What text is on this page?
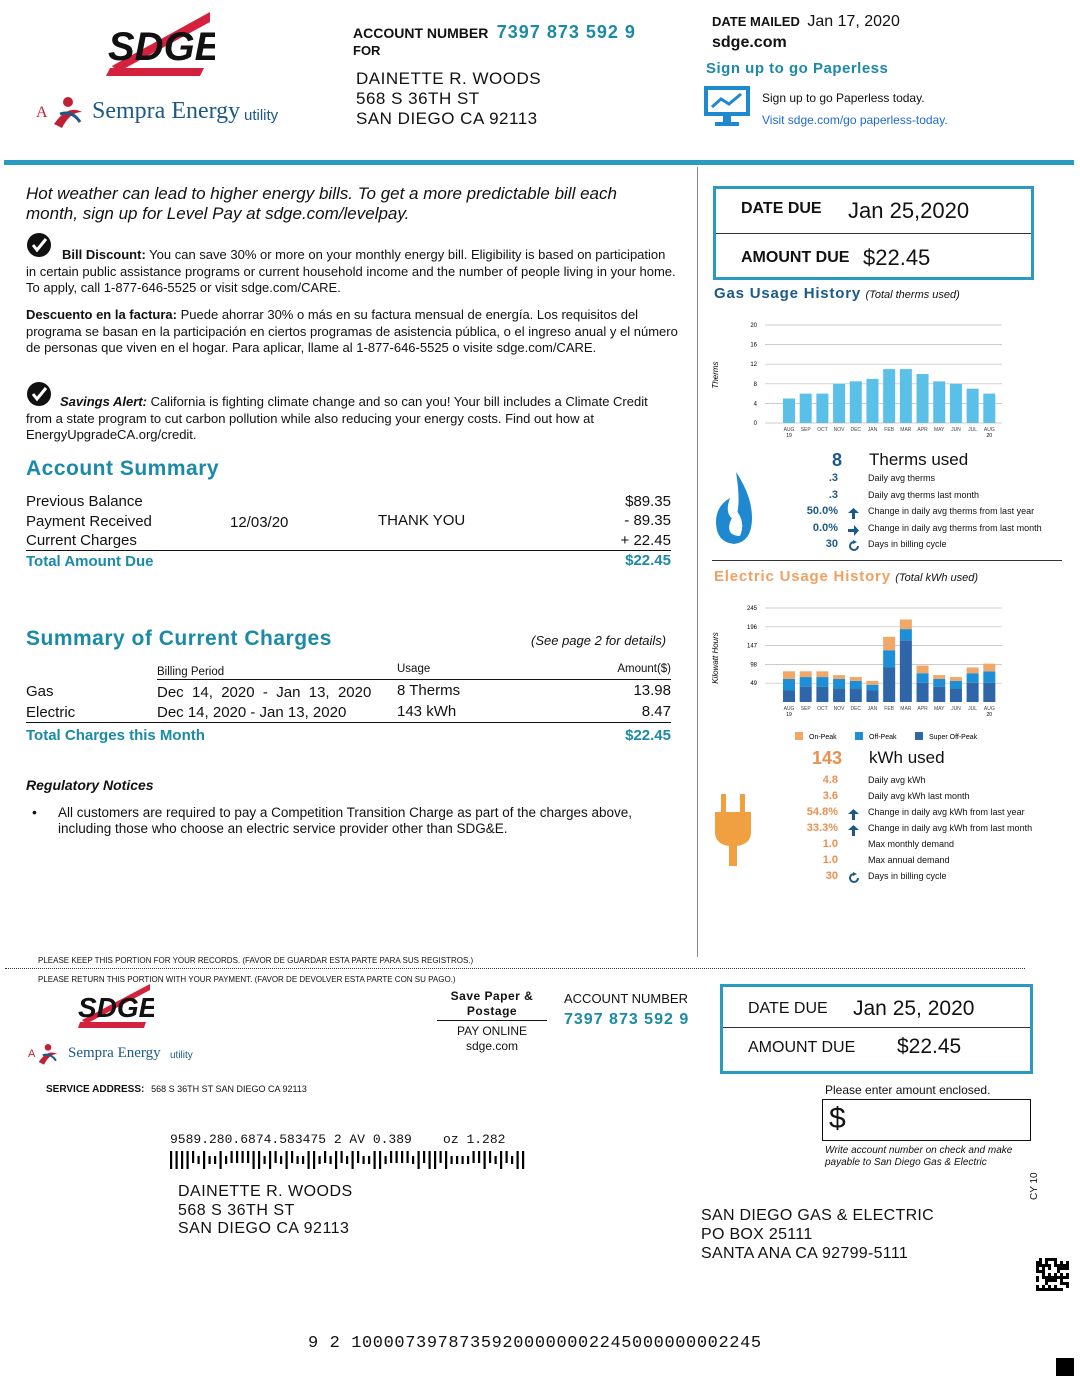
SDGE
A Sempra Energy utility
ACCOUNT NUMBER 7397 873 592 9
FOR
DAINETTE R. WOODS
568 S 36TH ST
SAN DIEGO CA 92113
DATE MAILED Jan 17, 2020
sdge.com
Sign up to go Paperless
Sign up to go Paperless today.
Visit sdge.com/go paperless-today.
Hot weather can lead to higher energy bills. To get a more predictable bill each month, sign up for Level Pay at sdge.com/levelpay.
Bill Discount: You can save 30% or more on your monthly energy bill. Eligibility is based on participation in certain public assistance programs or current household income and the number of people living in your home. To apply, call 1-877-646-5525 or visit sdge.com/CARE.
Descuento en la factura: Puede ahorrar 30% o más en su factura mensual de energía. Los requisitos del programa se basan en la participación en ciertos programas de asistencia pública, o el ingreso anual y el número de personas que viven en el hogar. Para aplicar, llame al 1-877-646-5525 o visite sdge.com/CARE.
Savings Alert: California is fighting climate change and so can you! Your bill includes a Climate Credit from a state program to cut carbon pollution while also reducing your energy costs. Find out how at EnergyUpgradeCA.org/credit.
Account Summary
Previous Balance	$89.35
Payment Received	12/03/20	THANK YOU	- 89.35
Current Charges	+ 22.45
Total Amount Due	$22.45
Summary of Current Charges	(See page 2 for details)
Billing Period	Usage	Amount($)
Gas	Dec  14,  2020  -  Jan  13,  2020 8 Therms	13.98
Electric	Dec 14, 2020 - Jan 13, 2020	143 kWh	8.47
Total Charges this Month	$22.45
Regulatory Notices
• All customers are required to pay a Competition Transition Charge as part of the charges above, including those who choose an electric service provider other than SDG&E.
DATE DUE Jan 25,2020
AMOUNT DUE $22.45
Gas Usage History (Total therms used)
Therms
20
16
12
8
4
0
AUG SEP OCT NOV DEC JAN FEB MAR APR MAY JUN JUL AUG
19	20
8 Therms used
.3	Daily avg therms
.3	Daily avg therms last month
50.0%	Change in daily avg therms from last year
0.0%	Change in daily avg therms from last month
30	Days in billing cycle
Electric Usage History (Total kWh used)
Kilowatt Hours
245
196
147
98
49
AUG SEP OCT NOV DEC JAN FEB MAR APR MAY JUN JUL AUG
19	20
On-Peak	Off-Peak	Super Off-Peak
143 kWh used
4.8	Daily avg kWh
3.6	Daily avg kWh last month
54.8%	Change in daily avg kWh from last year
33.3%	Change in daily avg kWh from last month
1.0	Max monthly demand
1.0	Max annual demand
30	Days in billing cycle
PLEASE KEEP THIS PORTION FOR YOUR RECORDS. (FAVOR DE GUARDAR ESTA PARTE PARA SUS REGISTROS.)
PLEASE RETURN THIS PORTION WITH YOUR PAYMENT. (FAVOR DE DEVOLVER ESTA PARTE CON SU PAGO.)
SDGE
A Sempra Energy utility
Save Paper & Postage
PAY ONLINE
sdge.com
ACCOUNT NUMBER
7397 873 592 9
DATE DUE Jan 25, 2020
AMOUNT DUE $22.45
SERVICE ADDRESS: 568 S 36TH ST SAN DIEGO CA 92113	Please enter amount enclosed.
$
Write account number on check and make payable to San Diego Gas & Electric
9589.280.6874.583475 2 AV 0.389    oz 1.282
DAINETTE R. WOODS
568 S 36TH ST
SAN DIEGO CA 92113
SAN DIEGO GAS & ELECTRIC
PO BOX 25111
SANTA ANA CA 92799-5111
CY 10
9 2 10000739787359200000002245000000002245
